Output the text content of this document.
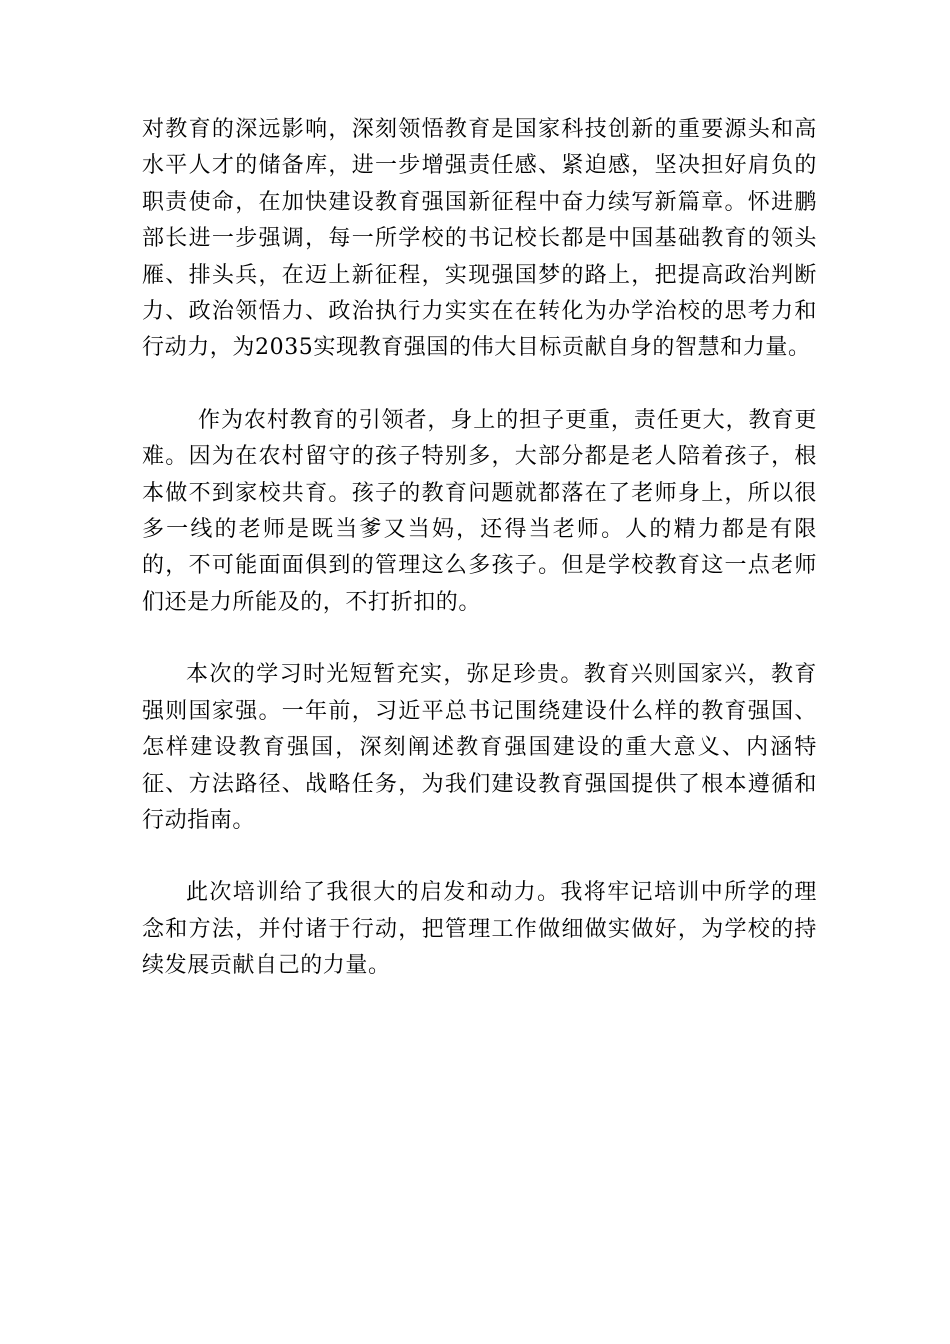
对教育的深远影响，深刻领悟教育是国家科技创新的重要源头和高水平人才的储备库，进一步增强责任感、紧迫感，坚决担好肩负的职责使命，在加快建设教育强国新征程中奋力续写新篇章。怀进鹏部长进一步强调，每一所学校的书记校长都是中国基础教育的领头雁、排头兵，在迈上新征程，实现强国梦的路上，把提高政治判断力、政治领悟力、政治执行力实实在在转化为办学治校的思考力和行动力，为2035实现教育强国的伟大目标贡献自身的智慧和力量。

作为农村教育的引领者，身上的担子更重，责任更大，教育更难。因为在农村留守的孩子特别多，大部分都是老人陪着孩子，根本做不到家校共育。孩子的教育问题就都落在了老师身上，所以很多一线的老师是既当爹又当妈，还得当老师。人的精力都是有限的，不可能面面俱到的管理这么多孩子。但是学校教育这一点老师们还是力所能及的，不打折扣的。

本次的学习时光短暂充实，弥足珍贵。教育兴则国家兴，教育强则国家强。一年前，习近平总书记围绕建设什么样的教育强国、怎样建设教育强国，深刻阐述教育强国建设的重大意义、内涵特征、方法路径、战略任务，为我们建设教育强国提供了根本遵循和行动指南。

此次培训给了我很大的启发和动力。我将牢记培训中所学的理念和方法，并付诸于行动，把管理工作做细做实做好，为学校的持续发展贡献自己的力量。
